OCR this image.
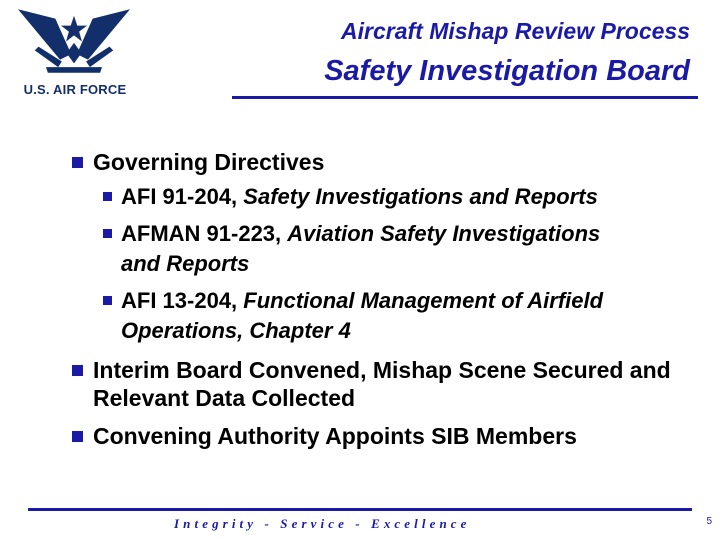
U.S. AIR FORCE
Aircraft Mishap Review Process
Safety Investigation Board
Governing Directives
AFI 91-204, Safety Investigations and Reports
AFMAN 91-223, Aviation Safety Investigations and Reports
AFI 13-204, Functional Management of Airfield Operations, Chapter 4
Interim Board Convened, Mishap Scene Secured and Relevant Data Collected
Convening Authority Appoints SIB Members
Integrity - Service - Excellence	5
